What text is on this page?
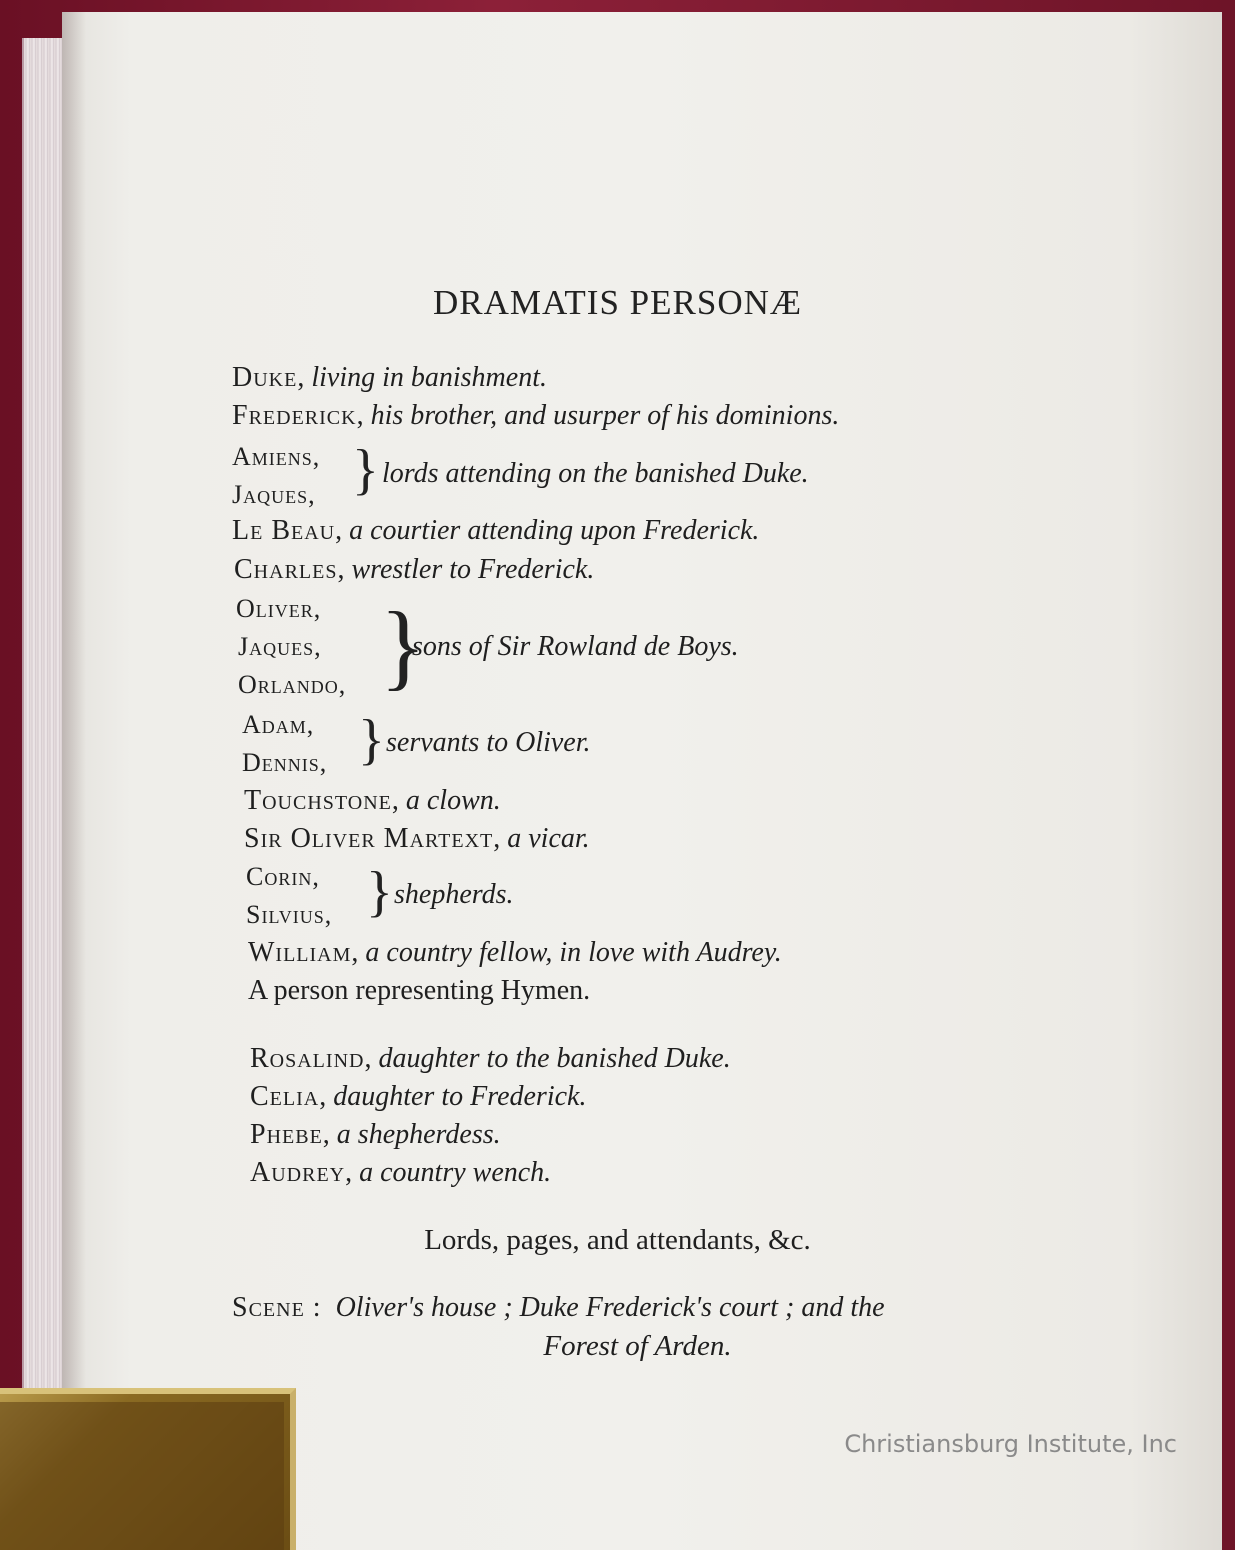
DRAMATIS PERSONÆ
Duke, living in banishment.
Frederick, his brother, and usurper of his dominions.
Amiens,
Jaques, } lords attending on the banished Duke.
Le Beau, a courtier attending upon Frederick.
Charles, wrestler to Frederick.
Oliver,
Jaques,
Orlando, }
sons of Sir Rowland de Boys.
Adam,
Dennis, } servants to Oliver.
Touchstone, a clown.
Sir Oliver Martext, a vicar.
Corin,
Silvius, } shepherds.
William, a country fellow, in love with Audrey.
A person representing Hymen.
Rosalind, daughter to the banished Duke.
Celia, daughter to Frederick.
Phebe, a shepherdess.
Audrey, a country wench.
Lords, pages, and attendants, &c.
Scene : Oliver's house ; Duke Frederick's court ; and the
Forest of Arden.
Christiansburg Institute, Inc
